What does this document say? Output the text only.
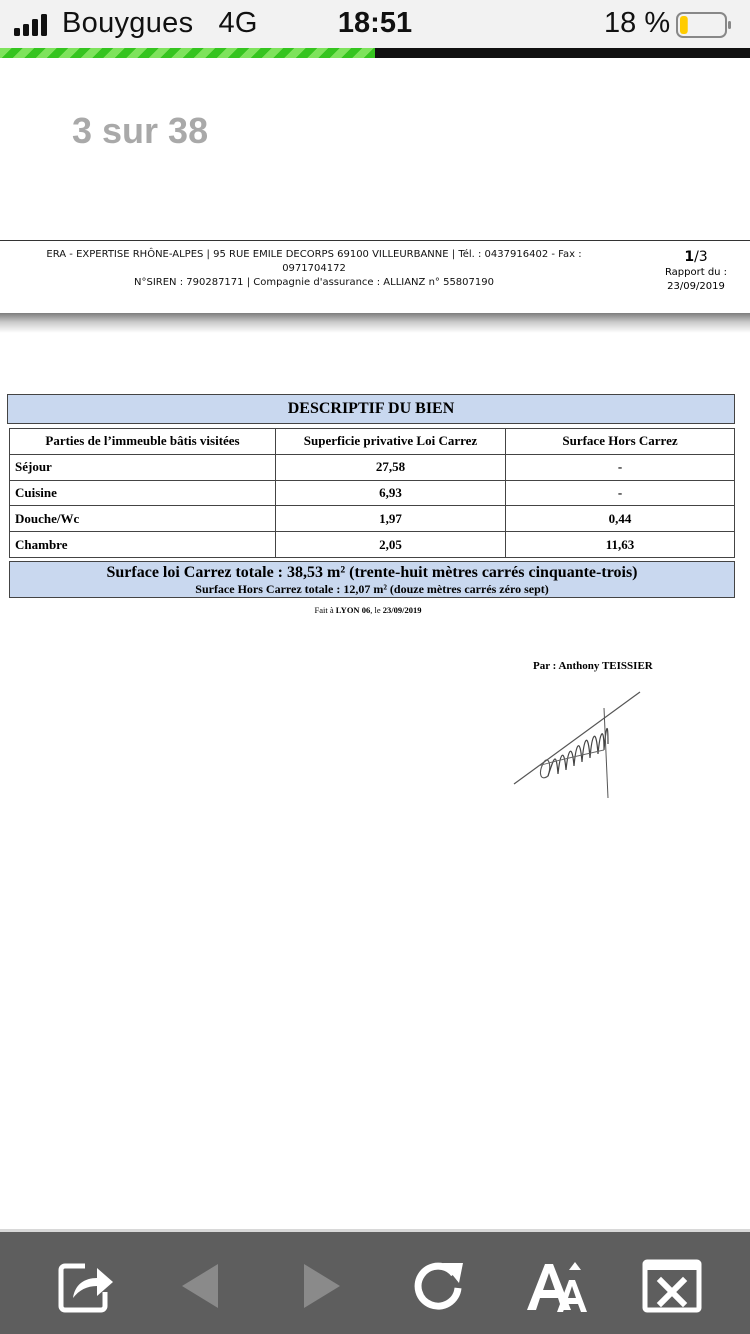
Bouygues 4G	18:51	18 %
3 sur 38
ERA - EXPERTISE RHÔNE-ALPES | 95 RUE EMILE DECORPS 69100 VILLEURBANNE | Tél. : 0437916402 - Fax : 0971704172
N°SIREN : 790287171 | Compagnie d'assurance : ALLIANZ n° 55807190
1/3
Rapport du :
23/09/2019
DESCRIPTIF DU BIEN
Parties de l’immeuble bâtis visitées	Superficie privative Loi Carrez	Surface Hors Carrez
Séjour	27,58	-
Cuisine	6,93	-
Douche/Wc	1,97	0,44
Chambre	2,05	11,63
Surface loi Carrez totale : 38,53 m² (trente-huit mètres carrés cinquante-trois)
Surface Hors Carrez totale : 12,07 m² (douze mètres carrés zéro sept)
Fait à LYON 06, le 23/09/2019
Par : Anthony TEISSIER
